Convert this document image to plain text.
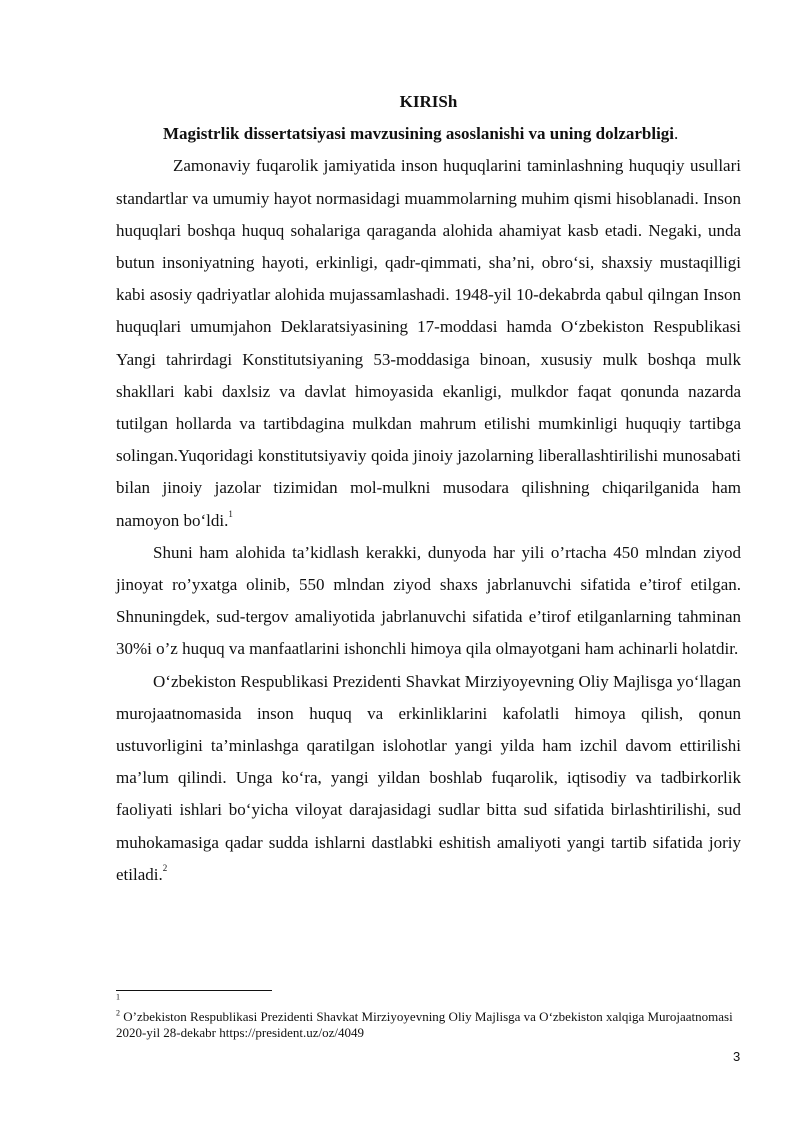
KIRISh

Magistrlik dissertatsiyasi mavzusining asoslanishi va uning dolzarbligi.

Zamonaviy fuqarolik jamiyatida inson huquqlarini taminlashning huquqiy usullari standartlar va umumiy hayot normasidagi muammolarning muhim qismi hisoblanadi. Inson huquqlari boshqa huquq sohalariga qaraganda alohida ahamiyat kasb etadi. Negaki, unda butun insoniyatning hayoti, erkinligi, qadr-qimmati, sha’ni, obro‘si, shaxsiy mustaqilligi kabi asosiy qadriyatlar alohida mujassamlashadi. 1948-yil 10-dekabrda qabul qilngan Inson huquqlari umumjahon Deklaratsiyasining 17-moddasi hamda O‘zbekiston Respublikasi Yangi tahrirdagi Konstitutsiyaning 53-moddasiga binoan, xususiy mulk boshqa mulk shakllari kabi daxlsiz va davlat himoyasida ekanligi, mulkdor faqat qonunda nazarda tutilgan hollarda va tartibdagina mulkdan mahrum etilishi mumkinligi huquqiy tartibga solingan.Yuqoridagi konstitutsiyaviy qoida jinoiy jazolarning liberallashtirilishi munosabati bilan jinoiy jazolar tizimidan mol-mulkni musodara qilishning chiqarilganida ham namoyon bo‘ldi.$^1$

Shuni ham alohida ta’kidlash kerakki, dunyoda har yili o’rtacha 450 mlndan ziyod jinoyat ro’yxatga olinib, 550 mlndan ziyod shaxs jabrlanuvchi sifatida e’tirof etilgan. Shnuningdek, sud-tergov amaliyotida jabrlanuvchi sifatida e’tirof etilganlarning tahminan 30%i o’z huquq va manfaatlarini ishonchli himoya qila olmayotgani ham achinarli holatdir.

O‘zbekiston Respublikasi Prezidenti Shavkat Mirziyoyevning Oliy Majlisga yo‘llagan murojaatnomasida inson huquq va erkinliklarini kafolatli himoya qilish, qonun ustuvorligini ta’minlashga qaratilgan islohotlar yangi yilda ham izchil davom ettirilishi ma’lum qilindi. Unga ko‘ra, yangi yildan boshlab fuqarolik, iqtisodiy va tadbirkorlik faoliyati ishlari bo‘yicha viloyat darajasidagi sudlar bitta sud sifatida birlashtirilishi, sud muhokamasiga qadar sudda ishlarni dastlabki eshitish amaliyoti yangi tartib sifatida joriy etiladi.$^2$

$^1$

$^2$ O’zbekiston Respublikasi Prezidenti Shavkat Mirziyoyevning Oliy Majlisga va O‘zbekiston xalqiga Murojaatnomasi 2020-yil 28-dekabr https://president.uz/oz/4049

3
